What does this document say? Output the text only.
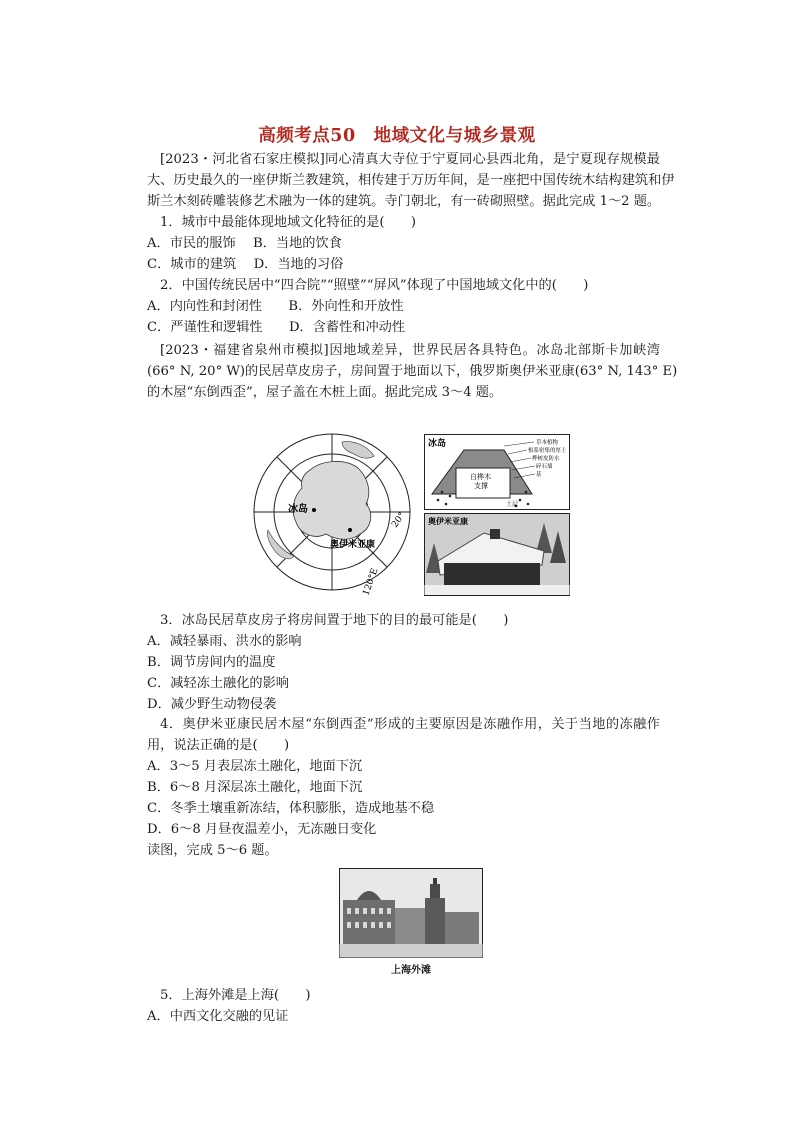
高频考点50　地域文化与城乡景观
[2023・河北省石家庄模拟]同心清真大寺位于宁夏同心县西北角，是宁夏现存规模最
大、历史最久的一座伊斯兰教建筑，相传建于万历年间，是一座把中国传统木结构建筑和伊
斯兰木刻砖雕装修艺术融为一体的建筑。寺门朝北，有一砖砌照壁。据此完成 1～2 题。
1．城市中最能体现地域文化特征的是(　　)
A．市民的服饰　 B．当地的饮食
C．城市的建筑　 D．当地的习俗
2．中国传统民居中“四合院”“照壁”“屏风”体现了中国地域文化中的(　　)
A．内向性和封闭性　　B．外向性和开放性
C．严谨性和逻辑性　　D．含蓄性和冲动性
[2023・福建省泉州市模拟]因地域差异，世界民居各具特色。冰岛北部斯卡加峡湾
(66° N, 20° W)的民居草皮房子，房间置于地面以下，俄罗斯奥伊米亚康(63° N, 143° E)
的木屋“东倒西歪”，屋子盖在木桩上面。据此完成 3～4 题。
冰岛
奥伊米亚康
20°
120°E
冰岛	草本植物
根系密集的厚土
桦树皮防水
碎石墙
基
白桦木
支撑
土层
奥伊米亚康
3．冰岛民居草皮房子将房间置于地下的目的最可能是(　　)
A．减轻暴雨、洪水的影响
B．调节房间内的温度
C．减轻冻土融化的影响
D．减少野生动物侵袭
4．奥伊米亚康民居木屋“东倒西歪”形成的主要原因是冻融作用，关于当地的冻融作
用，说法正确的是(　　)
A．3～5 月表层冻土融化，地面下沉
B．6～8 月深层冻土融化，地面下沉
C．冬季土壤重新冻结，体积膨胀，造成地基不稳
D．6～8 月昼夜温差小，无冻融日变化
读图，完成 5～6 题。
上海外滩
5．上海外滩是上海(　　)
A．中西文化交融的见证
